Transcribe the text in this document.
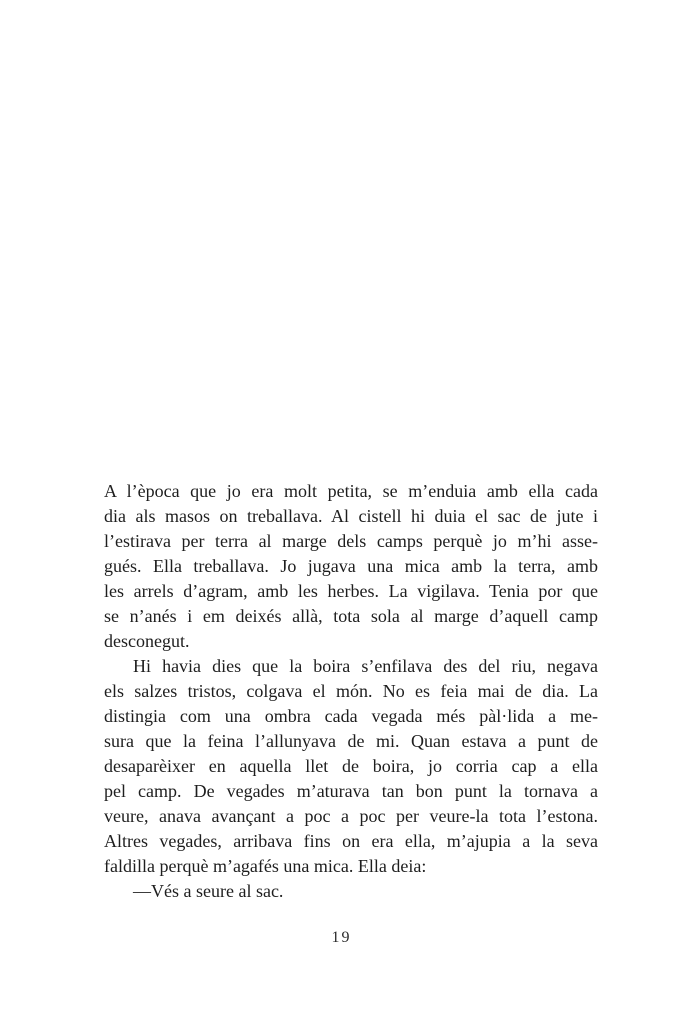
A l’època que jo era molt petita, se m’enduia amb ella cada
dia als masos on treballava. Al cistell hi duia el sac de jute i
l’estirava per terra al marge dels camps perquè jo m’hi asse-
gués. Ella treballava. Jo jugava una mica amb la terra, amb
les arrels d’agram, amb les herbes. La vigilava. Tenia por que
se n’anés i em deixés allà, tota sola al marge d’aquell camp
desconegut.
Hi havia dies que la boira s’enfilava des del riu, negava
els salzes tristos, colgava el món. No es feia mai de dia. La
distingia com una ombra cada vegada més pàl·lida a me-
sura que la feina l’allunyava de mi. Quan estava a punt de
desaparèixer en aquella llet de boira, jo corria cap a ella
pel camp. De vegades m’aturava tan bon punt la tornava a
veure, anava avançant a poc a poc per veure-la tota l’estona.
Altres vegades, arribava fins on era ella, m’ajupia a la seva
faldilla perquè m’agafés una mica. Ella deia:
—Vés a seure al sac.
19
